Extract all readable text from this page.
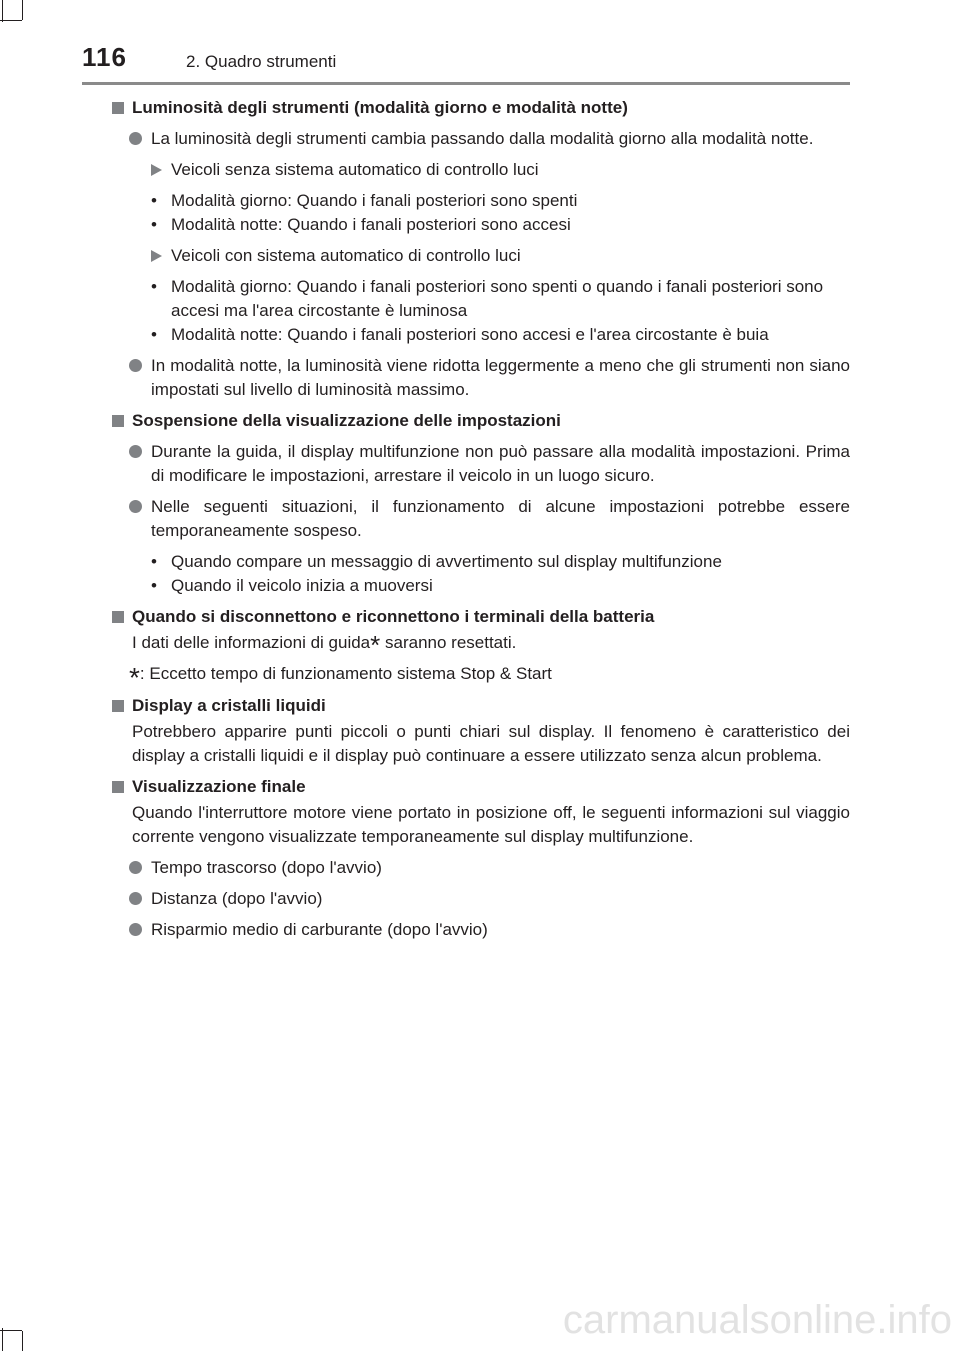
116	2. Quadro strumenti
Luminosità degli strumenti (modalità giorno e modalità notte)
La luminosità degli strumenti cambia passando dalla modalità giorno alla modalità notte.
Veicoli senza sistema automatico di controllo luci
• Modalità giorno: Quando i fanali posteriori sono spenti
• Modalità notte: Quando i fanali posteriori sono accesi
Veicoli con sistema automatico di controllo luci
• Modalità giorno: Quando i fanali posteriori sono spenti o quando i fanali posteriori sono accesi ma l'area circostante è luminosa
• Modalità notte: Quando i fanali posteriori sono accesi e l'area circostante è buia
In modalità notte, la luminosità viene ridotta leggermente a meno che gli strumenti non siano impostati sul livello di luminosità massimo.
Sospensione della visualizzazione delle impostazioni
Durante la guida, il display multifunzione non può passare alla modalità impostazioni. Prima di modificare le impostazioni, arrestare il veicolo in un luogo sicuro.
Nelle seguenti situazioni, il funzionamento di alcune impostazioni potrebbe essere temporaneamente sospeso.
• Quando compare un messaggio di avvertimento sul display multifunzione
• Quando il veicolo inizia a muoversi
Quando si disconnettono e riconnettono i terminali della batteria
I dati delle informazioni di guida* saranno resettati.
*: Eccetto tempo di funzionamento sistema Stop & Start
Display a cristalli liquidi
Potrebbero apparire punti piccoli o punti chiari sul display. Il fenomeno è caratteristico dei display a cristalli liquidi e il display può continuare a essere utilizzato senza alcun problema.
Visualizzazione finale
Quando l'interruttore motore viene portato in posizione off, le seguenti informazioni sul viaggio corrente vengono visualizzate temporaneamente sul display multifunzione.
Tempo trascorso (dopo l'avvio)
Distanza (dopo l'avvio)
Risparmio medio di carburante (dopo l'avvio)
carmanualsonline.info
